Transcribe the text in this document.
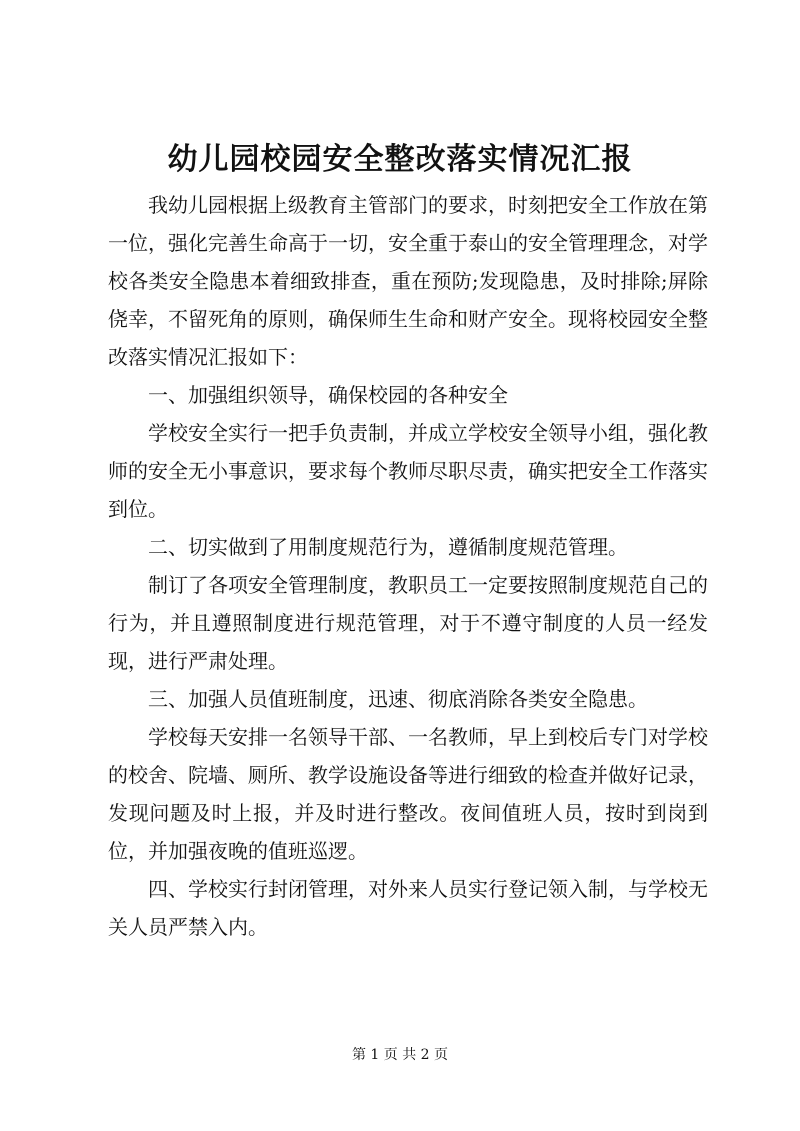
幼儿园校园安全整改落实情况汇报

我幼儿园根据上级教育主管部门的要求，时刻把安全工作放在第一位，强化完善生命高于一切，安全重于泰山的安全管理理念，对学校各类安全隐患本着细致排查，重在预防;发现隐患，及时排除;屏除侥幸，不留死角的原则，确保师生生命和财产安全。现将校园安全整改落实情况汇报如下：

一、加强组织领导，确保校园的各种安全

学校安全实行一把手负责制，并成立学校安全领导小组，强化教师的安全无小事意识，要求每个教师尽职尽责，确实把安全工作落实到位。

二、切实做到了用制度规范行为，遵循制度规范管理。

制订了各项安全管理制度，教职员工一定要按照制度规范自己的行为，并且遵照制度进行规范管理，对于不遵守制度的人员一经发现，进行严肃处理。

三、加强人员值班制度，迅速、彻底消除各类安全隐患。

学校每天安排一名领导干部、一名教师，早上到校后专门对学校的校舍、院墙、厕所、教学设施设备等进行细致的检查并做好记录，发现问题及时上报，并及时进行整改。夜间值班人员，按时到岗到位，并加强夜晚的值班巡逻。

四、学校实行封闭管理，对外来人员实行登记领入制，与学校无关人员严禁入内。

第 1 页 共 2 页
